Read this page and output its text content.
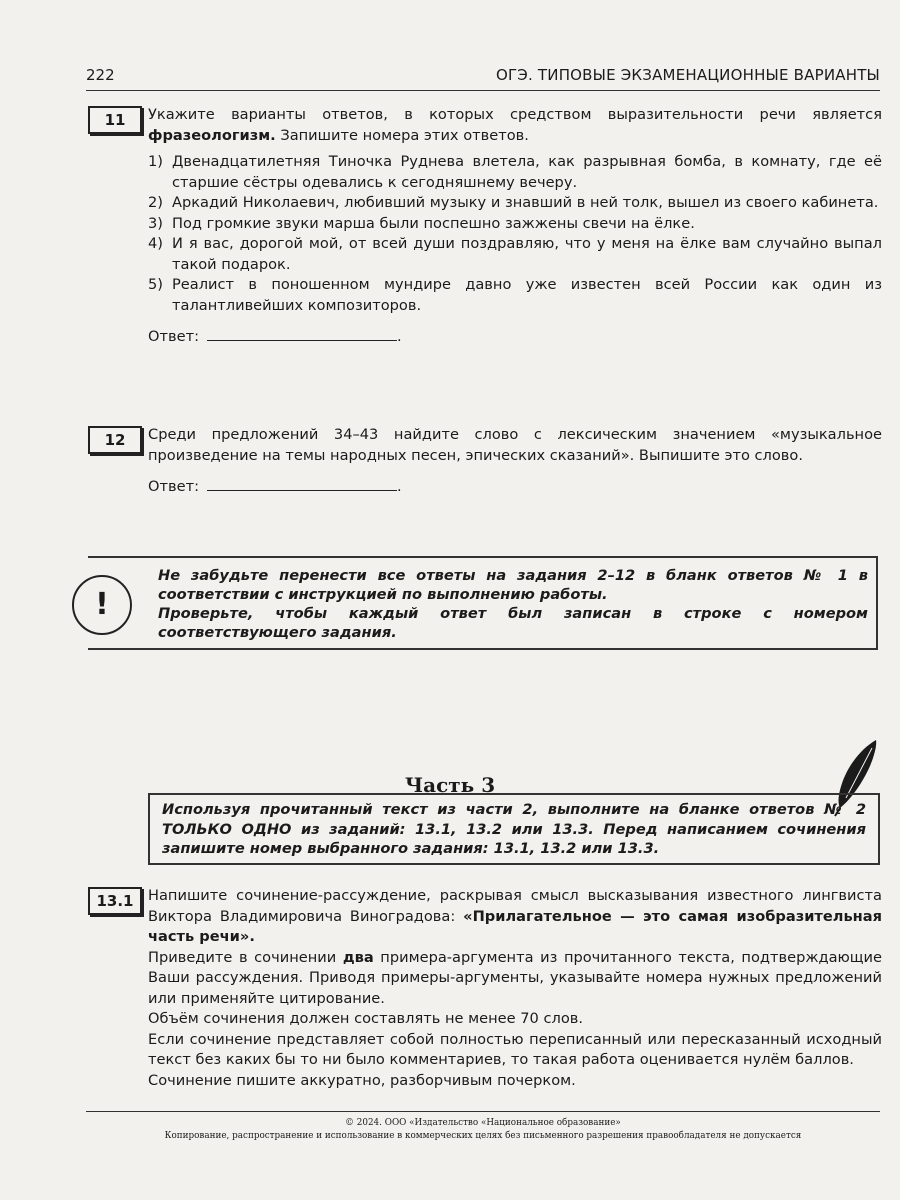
222	ОГЭ. ТИПОВЫЕ ЭКЗАМЕНАЦИОННЫЕ ВАРИАНТЫ
11	Укажите варианты ответов, в которых средством выразительности речи является фразеологизм. Запишите номера этих ответов.

1) Двенадцатилетняя Тиночка Руднева влетела, как разрывная бомба, в комнату, где её старшие сёстры одевались к сегодняшнему вечеру.
2) Аркадий Николаевич, любивший музыку и знавший в ней толк, вышел из своего кабинета.
3) Под громкие звуки марша были поспешно зажжены свечи на ёлке.
4) И я вас, дорогой мой, от всей души поздравляю, что у меня на ёлке вам случайно выпал такой подарок.
5) Реалист в поношенном мундире давно уже известен всей России как один из талантливейших композиторов.

Ответ:	.

12	Среди предложений 34–43 найдите слово с лексическим значением «музыкальное произведение на темы народных песен, эпических сказаний». Выпишите это слово.

Ответ:	.

!

Не забудьте перенести все ответы на задания 2–12 в бланк ответов № 1 в соответствии с инструкцией по выполнению работы.

Проверьте, чтобы каждый ответ был записан в строке с номером соответствующего задания.

Часть 3
Используя прочитанный текст из части 2, выполните на бланке ответов № 2 ТОЛЬКО ОДНО из заданий: 13.1, 13.2 или 13.3. Перед написанием сочинения запишите номер выбранного задания: 13.1, 13.2 или 13.3.
13.1 Напишите сочинение-рассуждение, раскрывая смысл высказывания известного лингвиста Виктора Владимировича Виноградова: «Прилагательное — это самая изобразительная часть речи».

Приведите в сочинении два примера-аргумента из прочитанного текста, подтверждающие Ваши рассуждения. Приводя примеры-аргументы, указывайте номера нужных предложений или применяйте цитирование.

Объём сочинения должен составлять не менее 70 слов.

Если сочинение представляет собой полностью переписанный или пересказанный исходный текст без каких бы то ни было комментариев, то такая работа оценивается нулём баллов.

Сочинение пишите аккуратно, разборчивым почерком.

© 2024. ООО «Издательство «Национальное образование»
Копирование, распространение и использование в коммерческих целях без письменного разрешения правообладателя не допускается
